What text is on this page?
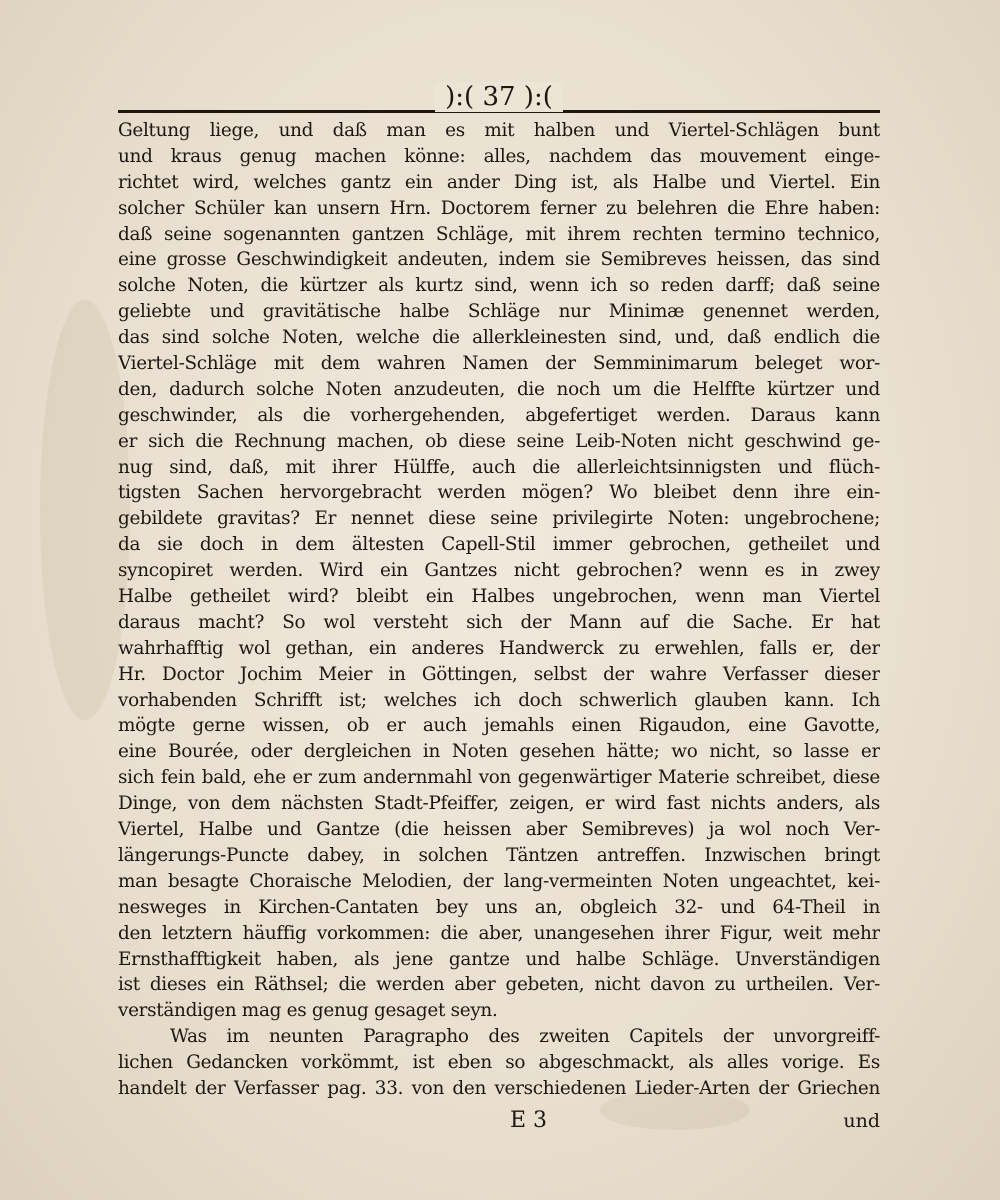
):( 37 ):(
Geltung liege, und daß man es mit halben und Viertel-Schlägen bunt
und kraus genug machen könne: alles, nachdem das mouvement einge-
richtet wird, welches gantz ein ander Ding ist, als Halbe und Viertel. Ein
solcher Schüler kan unsern Hrn. Doctorem ferner zu belehren die Ehre haben:
daß seine sogenannten gantzen Schläge, mit ihrem rechten termino technico,
eine grosse Geschwindigkeit andeuten, indem sie Semibreves heissen, das sind
solche Noten, die kürtzer als kurtz sind, wenn ich so reden darff; daß seine
geliebte und gravitätische halbe Schläge nur Minimæ genennet werden,
das sind solche Noten, welche die allerkleinesten sind, und, daß endlich die
Viertel-Schläge mit dem wahren Namen der Semminimarum beleget wor-
den, dadurch solche Noten anzudeuten, die noch um die Helffte kürtzer und
geschwinder, als die vorhergehenden, abgefertiget werden. Daraus kann
er sich die Rechnung machen, ob diese seine Leib-Noten nicht geschwind ge-
nug sind, daß, mit ihrer Hülffe, auch die allerleichtsinnigsten und flüch-
tigsten Sachen hervorgebracht werden mögen? Wo bleibet denn ihre ein-
gebildete gravitas? Er nennet diese seine privilegirte Noten: ungebrochene;
da sie doch in dem ältesten Capell-Stil immer gebrochen, getheilet und
syncopiret werden. Wird ein Gantzes nicht gebrochen? wenn es in zwey
Halbe getheilet wird? bleibt ein Halbes ungebrochen, wenn man Viertel
daraus macht? So wol versteht sich der Mann auf die Sache. Er hat
wahrhafftig wol gethan, ein anderes Handwerck zu erwehlen, falls er, der
Hr. Doctor Jochim Meier in Göttingen, selbst der wahre Verfasser dieser
vorhabenden Schrifft ist; welches ich doch schwerlich glauben kann. Ich
mögte gerne wissen, ob er auch jemahls einen Rigaudon, eine Gavotte,
eine Bourée, oder dergleichen in Noten gesehen hätte; wo nicht, so lasse er
sich fein bald, ehe er zum andernmahl von gegenwärtiger Materie schreibet, diese
Dinge, von dem nächsten Stadt-Pfeiffer, zeigen, er wird fast nichts anders, als
Viertel, Halbe und Gantze (die heissen aber Semibreves) ja wol noch Ver-
längerungs-Puncte dabey, in solchen Täntzen antreffen. Inzwischen bringt
man besagte Choraische Melodien, der lang-vermeinten Noten ungeachtet, kei-
nesweges in Kirchen-Cantaten bey uns an, obgleich 32- und 64-Theil in
den letztern häuffig vorkommen: die aber, unangesehen ihrer Figur, weit mehr
Ernsthafftigkeit haben, als jene gantze und halbe Schläge. Unverständigen
ist dieses ein Räthsel; die werden aber gebeten, nicht davon zu urtheilen. Ver-
verständigen mag es genug gesaget seyn.
Was im neunten Paragrapho des zweiten Capitels der unvorgreiff-
lichen Gedancken vorkömmt, ist eben so abgeschmackt, als alles vorige. Es
handelt der Verfasser pag. 33. von den verschiedenen Lieder-Arten der Griechen
E 3	und
